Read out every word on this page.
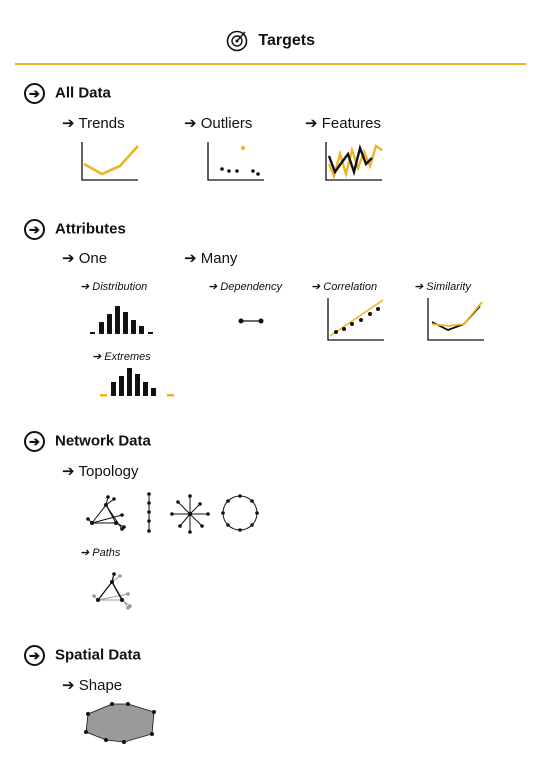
Targets
➔ All Data
➔ Trends	➔ Outliers	➔ Features
➔ Attributes
➔ One	➔ Many
➔ Distribution	➔ Dependency	➔ Correlation	➔ Similarity
➔ Extremes
➔ Network Data
➔ Topology
➔ Paths
➔ Spatial Data
➔ Shape
